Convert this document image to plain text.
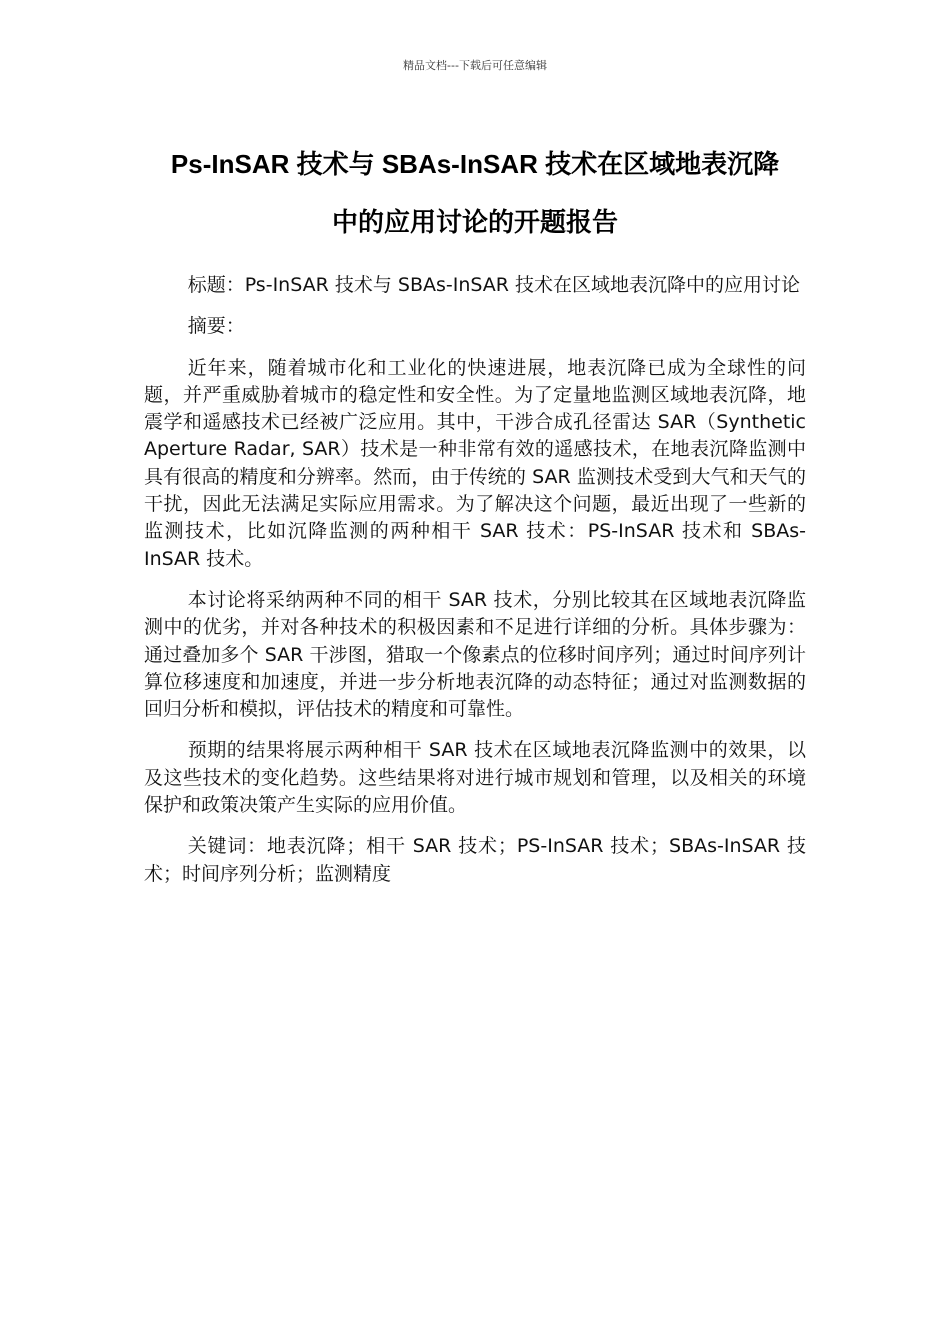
精品文档---下载后可任意编辑
Ps-InSAR 技术与 SBAs-InSAR 技术在区域地表沉降
中的应用讨论的开题报告

标题：Ps-InSAR 技术与 SBAs-InSAR 技术在区域地表沉降中的应用讨论

摘要：

近年来，随着城市化和工业化的快速进展，地表沉降已成为全球性的问题，并严重威胁着城市的稳定性和安全性。为了定量地监测区域地表沉降，地震学和遥感技术已经被广泛应用。其中，干涉合成孔径雷达 SAR（Synthetic Aperture Radar, SAR）技术是一种非常有效的遥感技术，在地表沉降监测中具有很高的精度和分辨率。然而，由于传统的 SAR 监测技术受到大气和天气的干扰，因此无法满足实际应用需求。为了解决这个问题，最近出现了一些新的监测技术，比如沉降监测的两种相干 SAR 技术：PS-InSAR 技术和 SBAs-InSAR 技术。

本讨论将采纳两种不同的相干 SAR 技术，分别比较其在区域地表沉降监测中的优劣，并对各种技术的积极因素和不足进行详细的分析。具体步骤为：通过叠加多个 SAR 干涉图，猎取一个像素点的位移时间序列；通过时间序列计算位移速度和加速度，并进一步分析地表沉降的动态特征；通过对监测数据的回归分析和模拟，评估技术的精度和可靠性。

预期的结果将展示两种相干 SAR 技术在区域地表沉降监测中的效果，以及这些技术的变化趋势。这些结果将对进行城市规划和管理，以及相关的环境保护和政策决策产生实际的应用价值。

关键词：地表沉降；相干 SAR 技术；PS-InSAR 技术；SBAs-InSAR 技术；时间序列分析；监测精度
